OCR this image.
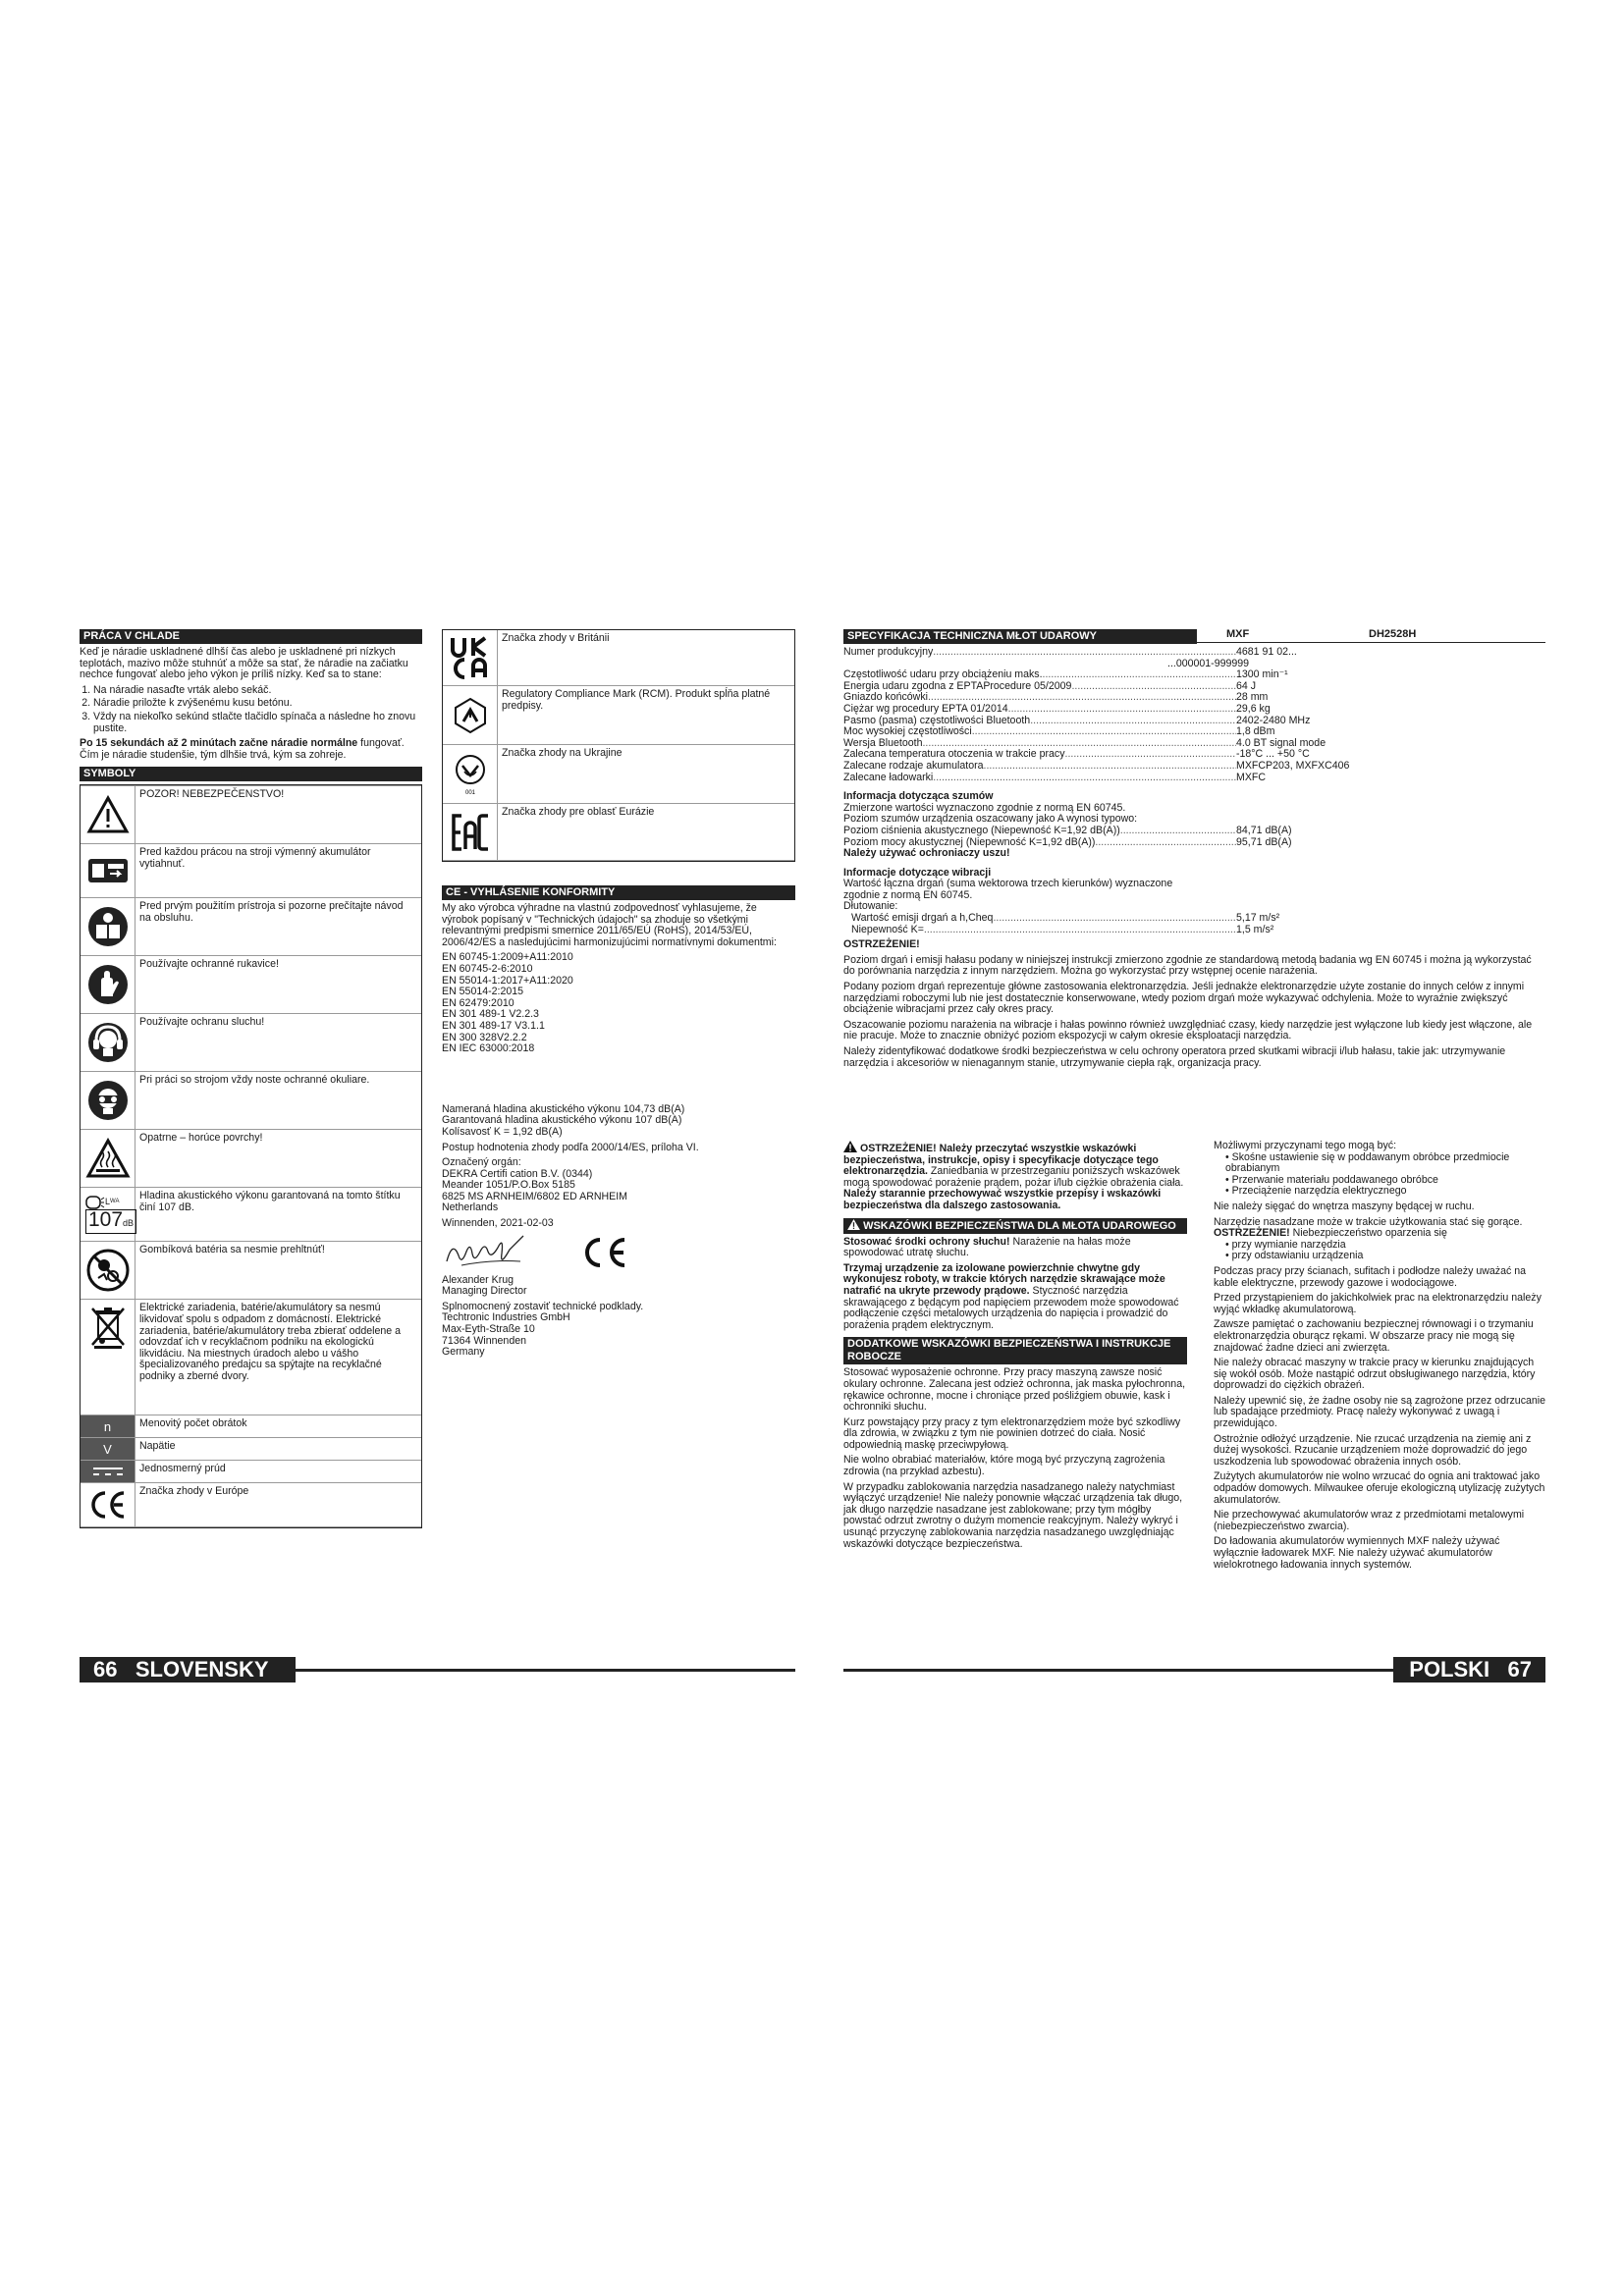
PRÁCA V CHLADE
Keď je náradie uskladnené dlhší čas alebo je uskladnené pri nízkych teplotách, mazivo môže stuhnúť a môže sa stať, že náradie na začiatku nechce fungovať alebo jeho výkon je príliš nízky. Keď sa to stane:
1. Na náradie nasaďte vrták alebo sekáč.
2. Náradie priložte k zvýšenému kusu betónu.
3. Vždy na niekoľko sekúnd stlačte tlačidlo spínača a následne ho znovu pustite.
Po 15 sekundách až 2 minútach začne náradie normálne fungovať. Čím je náradie studenšie, tým dlhšie trvá, kým sa zohreje.
SYMBOLY
POZOR! NEBEZPEČENSTVO!
Pred každou prácou na stroji výmenný akumulátor vytiahnuť.
Pred prvým použitím prístroja si pozorne prečítajte návod na obsluhu.
Používajte ochranné rukavice!
Používajte ochranu sluchu!
Pri práci so strojom vždy noste ochranné okuliare.
Opatrne – horúce povrchy!
L WA
107dB
Hladina akustického výkonu garantovaná na tomto štítku činí 107 dB.
Gombíková batéria sa nesmie prehltnúť!
Elektrické zariadenia, batérie/akumulátory sa nesmú likvidovať spolu s odpadom z domácností. Elektrické zariadenia, batérie/akumulátory treba zbierať oddelene a odovzdať ich v recyklačnom podniku na ekologickú likvidáciu. Na miestnych úradoch alebo u vášho špecializovaného predajcu sa spýtajte na recyklačné podniky a zberné dvory.
n	Menovitý počet obrátok
V	Napätie
Jednosmerný prúd
Značka zhody v Európe
Značka zhody v Británii
Regulatory Compliance Mark (RCM). Produkt spĺňa platné predpisy.
001
Značka zhody na Ukrajine
Značka zhody pre oblasť Eurázie
CE - VYHLÁSENIE KONFORMITY
My ako výrobca výhradne na vlastnú zodpovednosť vyhlasujeme, že výrobok popísaný v "Technických údajoch" sa zhoduje so všetkými relevantnými predpismi smernice 2011/65/EÚ (RoHS), 2014/53/EÚ, 2006/42/ES a nasledujúcimi harmonizujúcimi normatívnymi dokumentmi:
EN 60745-1:2009+A11:2010
EN 60745-2-6:2010
EN 55014-1:2017+A11:2020
EN 55014-2:2015
EN 62479:2010
EN 301 489-1 V2.2.3
EN 301 489-17 V3.1.1
EN 300 328V2.2.2
EN IEC 63000:2018
Nameraná hladina akustického výkonu 104,73 dB(A)
Garantovaná hladina akustického výkonu 107 dB(A)
Kolísavosť K = 1,92 dB(A)
Postup hodnotenia zhody podľa 2000/14/ES, príloha VI.
Označený orgán:
DEKRA Certifi cation B.V. (0344)
Meander 1051/P.O.Box 5185
6825 MS ARNHEIM/6802 ED ARNHEIM
Netherlands
Winnenden, 2021-02-03
Alexander Krug
Managing Director
Splnomocnený zostaviť technické podklady.
Techtronic Industries GmbH
Max-Eyth-Straße 10
71364 Winnenden
Germany
66 SLOVENSKY
SPECYFIKACJA TECHNICZNA MŁOT UDAROWY	MXF	DH2528H
Numer produkcyjny .....	4681 91 02...
...000001-999999
Częstotliwość udaru przy obciążeniu maks. .....	1300 min⁻¹
Energia udaru zgodna z EPTAProcedure 05/2009 .....	64 J
Gniazdo końcówki .....	28 mm
Ciężar wg procedury EPTA 01/2014 .....	29,6 kg
Pasmo (pasma) częstotliwości Bluetooth .....	2402-2480 MHz
Moc wysokiej częstotliwości .....	1,8 dBm
Wersja Bluetooth .....	4.0 BT signal mode
Zalecana temperatura otoczenia w trakcie pracy .....	-18°C ... +50 °C
Zalecane rodzaje akumulatora .....	MXFCP203, MXFXC406
Zalecane ładowarki .....	MXFC
Informacja dotycząca szumów
Zmierzone wartości wyznaczono zgodnie z normą EN 60745.
Poziom szumów urządzenia oszacowany jako A wynosi typowo:
Poziom ciśnienia akustycznego (Niepewność K=1,92 dB(A)) .....	84,71 dB(A)
Poziom mocy akustycznej (Niepewność K=1,92 dB(A)) .....	95,71 dB(A)
Należy używać ochroniaczy uszu!
Informacje dotyczące wibracji
Wartość łączna drgań (suma wektorowa trzech kierunków) wyznaczone
zgodnie z normą EN 60745.
Dłutowanie:
Wartość emisji drgań a h,Cheq .....	5,17 m/s²
Niepewność K= .....	1,5 m/s²
OSTRZEŻENIE!
Poziom drgań i emisji hałasu podany w niniejszej instrukcji zmierzono zgodnie ze standardową metodą badania wg EN 60745 i można ją wykorzystać do porównania narzędzia z innym narzędziem. Można go wykorzystać przy wstępnej ocenie narażenia.
Podany poziom drgań reprezentuje główne zastosowania elektronarzędzia. Jeśli jednakże elektronarzędzie użyte zostanie do innych celów z innymi narzędziami roboczymi lub nie jest dostatecznie konserwowane, wtedy poziom drgań może wykazywać odchylenia. Może to wyraźnie zwiększyć obciążenie wibracjami przez cały okres pracy.
Oszacowanie poziomu narażenia na wibracje i hałas powinno również uwzględniać czasy, kiedy narzędzie jest wyłączone lub kiedy jest włączone, ale nie pracuje. Może to znacznie obniżyć poziom ekspozycji w całym okresie eksploatacji narzędzia.
Należy zidentyfikować dodatkowe środki bezpieczeństwa w celu ochrony operatora przed skutkami wibracji i/lub hałasu, takie jak: utrzymywanie narzędzia i akcesoriów w nienagannym stanie, utrzymywanie ciepła rąk, organizacja pracy.
OSTRZEŻENIE! Należy przeczytać wszystkie wskazówki bezpieczeństwa, instrukcje, opisy i specyfikacje dotyczące tego elektronarzędzia. Zaniedbania w przestrzeganiu poniższych wskazówek mogą spowodować porażenie prądem, pożar i/lub ciężkie obrażenia ciała. Należy starannie przechowywać wszystkie przepisy i wskazówki bezpieczeństwa dla dalszego zastosowania.
WSKAZÓWKI BEZPIECZEŃSTWA DLA MŁOTA UDAROWEGO
Stosować środki ochrony słuchu! Narażenie na hałas może spowodować utratę słuchu.
Trzymaj urządzenie za izolowane powierzchnie chwytne gdy wykonujesz roboty, w trakcie których narzędzie skrawające może natrafić na ukryte przewody prądowe. Styczność narzędzia skrawającego z będącym pod napięciem przewodem może spowodować podłączenie części metalowych urządzenia do napięcia i prowadzić do porażenia prądem elektrycznym.
DODATKOWE WSKAZÓWKI BEZPIECZEŃSTWA I INSTRUKCJE ROBOCZE
Stosować wyposażenie ochronne. Przy pracy maszyną zawsze nosić okulary ochronne. Zalecana jest odzież ochronna, jak maska pyłochronna, rękawice ochronne, mocne i chroniące przed pośliźgiem obuwie, kask i ochronniki słuchu.
Kurz powstający przy pracy z tym elektronarzędziem może być szkodliwy dla zdrowia, w związku z tym nie powinien dotrzeć do ciała. Nosić odpowiednią maskę przeciwpyłową.
Nie wolno obrabiać materiałów, które mogą być przyczyną zagrożenia zdrowia (na przykład azbestu).
W przypadku zablokowania narzędzia nasadzanego należy natychmiast wyłączyć urządzenie! Nie należy ponownie włączać urządzenia tak długo, jak długo narzędzie nasadzane jest zablokowane; przy tym mógłby powstać odrzut zwrotny o dużym momencie reakcyjnym. Należy wykryć i usunąć przyczynę zablokowania narzędzia nasadzanego uwzględniając wskazówki dotyczące bezpieczeństwa.
Możliwymi przyczynami tego mogą być:
• Skośne ustawienie się w poddawanym obróbce przedmiocie obrabianym
• Przerwanie materiału poddawanego obróbce
• Przeciążenie narzędzia elektrycznego
Nie należy sięgać do wnętrza maszyny będącej w ruchu.
Narzędzie nasadzane może w trakcie użytkowania stać się gorące.
OSTRZEŻENIE! Niebezpieczeństwo oparzenia się
• przy wymianie narzędzia
• przy odstawianiu urządzenia
Podczas pracy przy ścianach, sufitach i podłodze należy uważać na kable elektryczne, przewody gazowe i wodociągowe.
Przed przystąpieniem do jakichkolwiek prac na elektronarzędziu należy wyjąć wkładkę akumulatorową.
Zawsze pamiętać o zachowaniu bezpiecznej równowagi i o trzymaniu elektronarzędzia oburącz rękami. W obszarze pracy nie mogą się znajdować żadne dzieci ani zwierzęta.
Nie należy obracać maszyny w trakcie pracy w kierunku znajdujących się wokół osób. Może nastąpić odrzut obsługiwanego narzędzia, który doprowadzi do ciężkich obrażeń.
Należy upewnić się, że żadne osoby nie są zagrożone przez odrzucanie lub spadające przedmioty. Pracę należy wykonywać z uwagą i przewidująco.
Ostrożnie odłożyć urządzenie. Nie rzucać urządzenia na ziemię ani z dużej wysokości. Rzucanie urządzeniem może doprowadzić do jego uszkodzenia lub spowodować obrażenia innych osób.
Zużytych akumulatorów nie wolno wrzucać do ognia ani traktować jako odpadów domowych. Milwaukee oferuje ekologiczną utylizację zużytych akumulatorów.
Nie przechowywać akumulatorów wraz z przedmiotami metalowymi (niebezpieczeństwo zwarcia).
Do ładowania akumulatorów wymiennych MXF należy używać wyłącznie ładowarek MXF. Nie należy używać akumulatorów wielokrotnego ładowania innych systemów.
POLSKI 67
